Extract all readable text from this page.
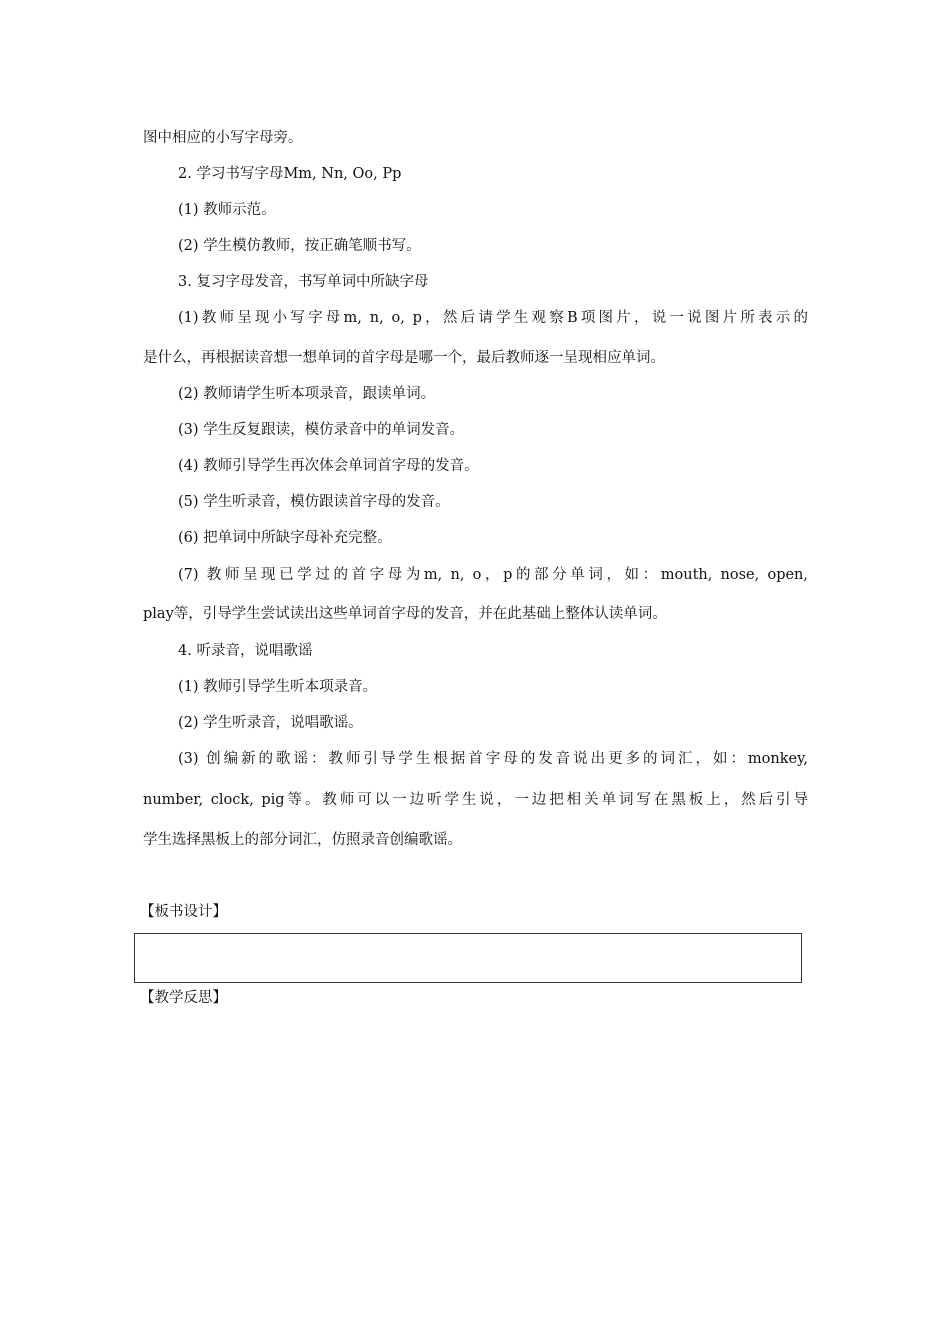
图中相应的小写字母旁。
2. 学习书写字母Mm, Nn, Oo, Pp
(1) 教师示范。
(2) 学生模仿教师，按正确笔顺书写。
3. 复习字母发音，书写单词中所缺字母
(1)教师呈现小写字母m, n, o, p，然后请学生观察B项图片，说一说图片所表示的
是什么，再根据读音想一想单词的首字母是哪一个，最后教师逐一呈现相应单词。
(2) 教师请学生听本项录音，跟读单词。
(3) 学生反复跟读，模仿录音中的单词发音。
(4) 教师引导学生再次体会单词首字母的发音。
(5) 学生听录音，模仿跟读首字母的发音。
(6) 把单词中所缺字母补充完整。
(7) 教师呈现已学过的首字母为m, n, o，p的部分单词，如：mouth, nose, open,
play等，引导学生尝试读出这些单词首字母的发音，并在此基础上整体认读单词。
4. 听录音，说唱歌谣
(1) 教师引导学生听本项录音。
(2) 学生听录音，说唱歌谣。
(3) 创编新的歌谣：教师引导学生根据首字母的发音说出更多的词汇，如：monkey,
number, clock, pig等。教师可以一边听学生说，一边把相关单词写在黑板上，然后引导
学生选择黑板上的部分词汇，仿照录音创编歌谣。
【板书设计】
【教学反思】
